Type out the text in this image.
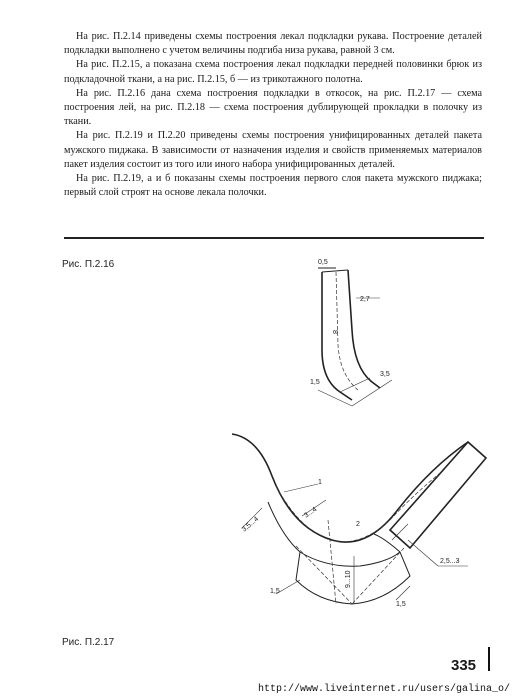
На рис. П.2.14 приведены схемы построения лекал подкладки рукава. Построение деталей подкладки выполнено с учетом величины подгиба низа рукава, равной 3 см.

На рис. П.2.15, а показана схема построения лекал подкладки передней половинки брюк из подкладочной ткани, а на рис. П.2.15, б — из трикотажного полотна.

На рис. П.2.16 дана схема построения подкладки в откосок, на рис. П.2.17 — схема построения лей, на рис. П.2.18 — схема построения дублирующей прокладки в полочку из ткани.

На рис. П.2.19 и П.2.20 приведены схемы построения унифицированных деталей пакета мужского пиджака. В зависимости от назначения изделия и свойств применяемых материалов пакет изделия состоит из того или иного набора унифицированных деталей.

На рис. П.2.19, а и б показаны схемы построения первого слоя пакета мужского пиджака; первый слой строят на основе лекала полочки.

Рис. П.2.16
Рис. П.2.17
0,5
2,7
8
1,5
3,5
9...10
1
2
3,5...4
3...4
2,5...3
1,5
1,5
335
http://www.liveinternet.ru/users/galina_o/
